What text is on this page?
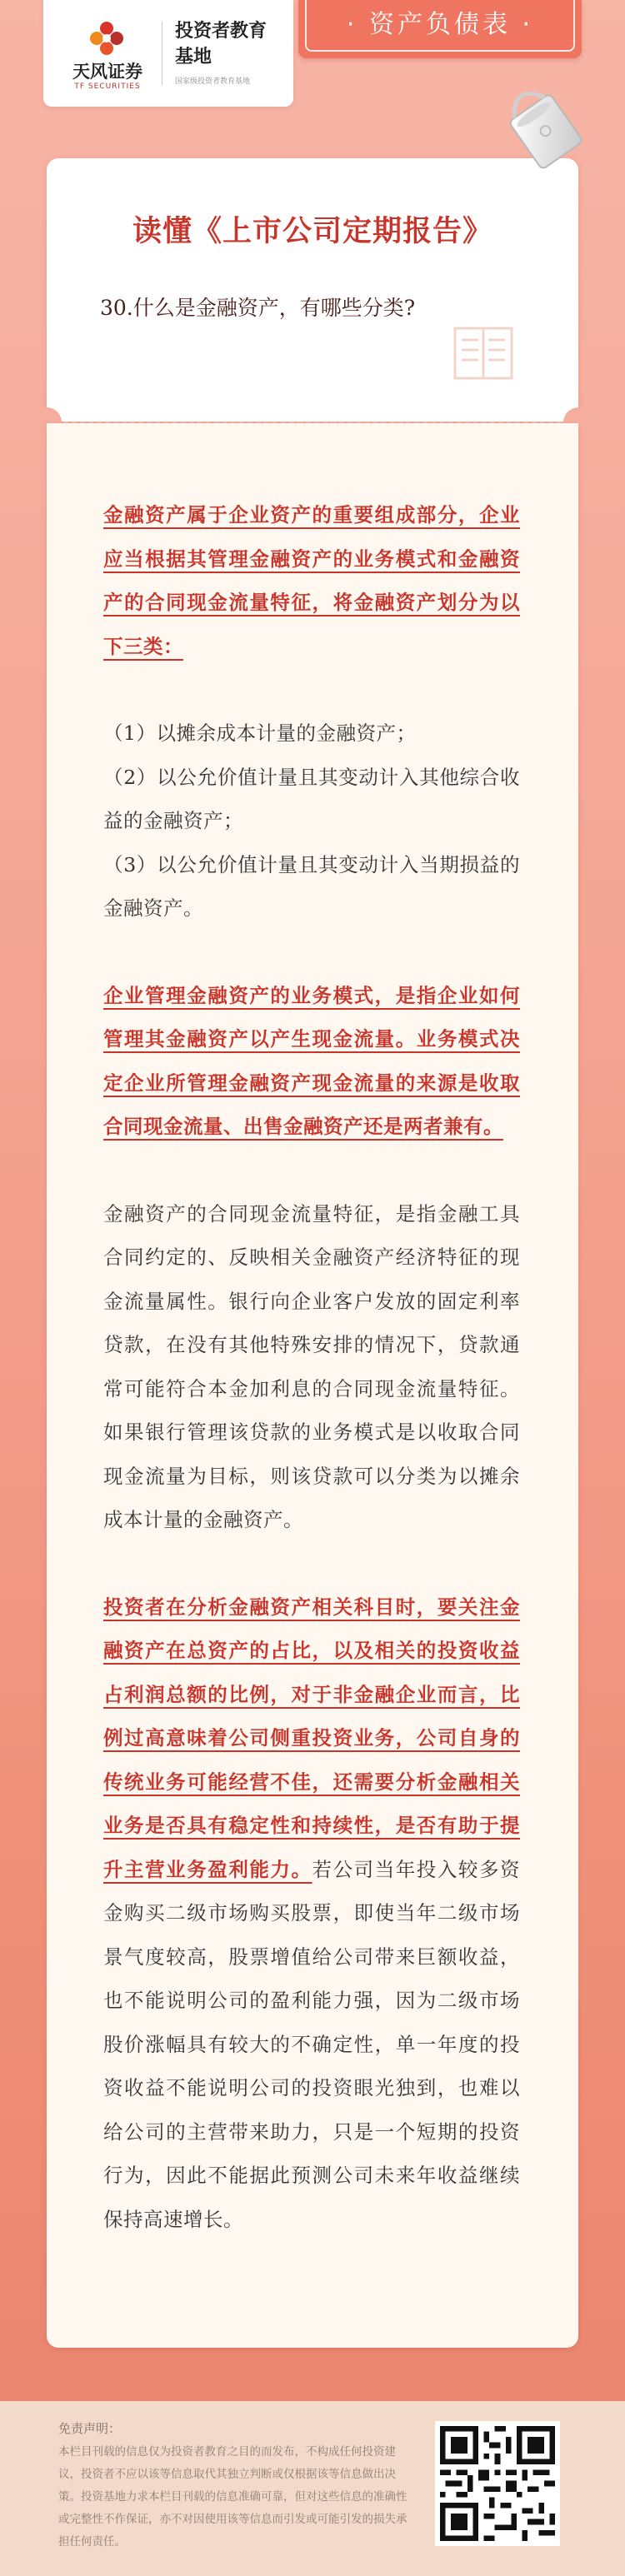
天风证券
TF SECURITIES
投资者教育基地
国家级投资者教育基地
· 资产负债表 ·
读懂《上市公司定期报告》
30.什么是金融资产，有哪些分类?

金融资产属于企业资产的重要组成部分，企业应当根据其管理金融资产的业务模式和金融资产的合同现金流量特征，将金融资产划分为以下三类：

（1）以摊余成本计量的金融资产；

（2）以公允价值计量且其变动计入其他综合收益的金融资产；

（3）以公允价值计量且其变动计入当期损益的金融资产。

企业管理金融资产的业务模式，是指企业如何管理其金融资产以产生现金流量。业务模式决定企业所管理金融资产现金流量的来源是收取合同现金流量、出售金融资产还是两者兼有。

金融资产的合同现金流量特征，是指金融工具合同约定的、反映相关金融资产经济特征的现金流量属性。银行向企业客户发放的固定利率贷款，在没有其他特殊安排的情况下，贷款通常可能符合本金加利息的合同现金流量特征。如果银行管理该贷款的业务模式是以收取合同现金流量为目标，则该贷款可以分类为以摊余成本计量的金融资产。

投资者在分析金融资产相关科目时，要关注金融资产在总资产的占比，以及相关的投资收益占利润总额的比例，对于非金融企业而言，比例过高意味着公司侧重投资业务，公司自身的传统业务可能经营不佳，还需要分析金融相关业务是否具有稳定性和持续性，是否有助于提升主营业务盈利能力。若公司当年投入较多资金购买二级市场购买股票，即使当年二级市场景气度较高，股票增值给公司带来巨额收益，也不能说明公司的盈利能力强，因为二级市场股价涨幅具有较大的不确定性，单一年度的投资收益不能说明公司的投资眼光独到，也难以给公司的主营带来助力，只是一个短期的投资行为，因此不能据此预测公司未来年收益继续保持高速增长。

免责声明：
本栏目刊载的信息仅为投资者教育之目的而发布，不构成任何投资建议，投资者不应以该等信息取代其独立判断或仅根据该等信息做出决策。投资基地力求本栏目刊载的信息准确可靠，但对这些信息的准确性或完整性不作保证，亦不对因使用该等信息而引发或可能引发的损失承担任何责任。
